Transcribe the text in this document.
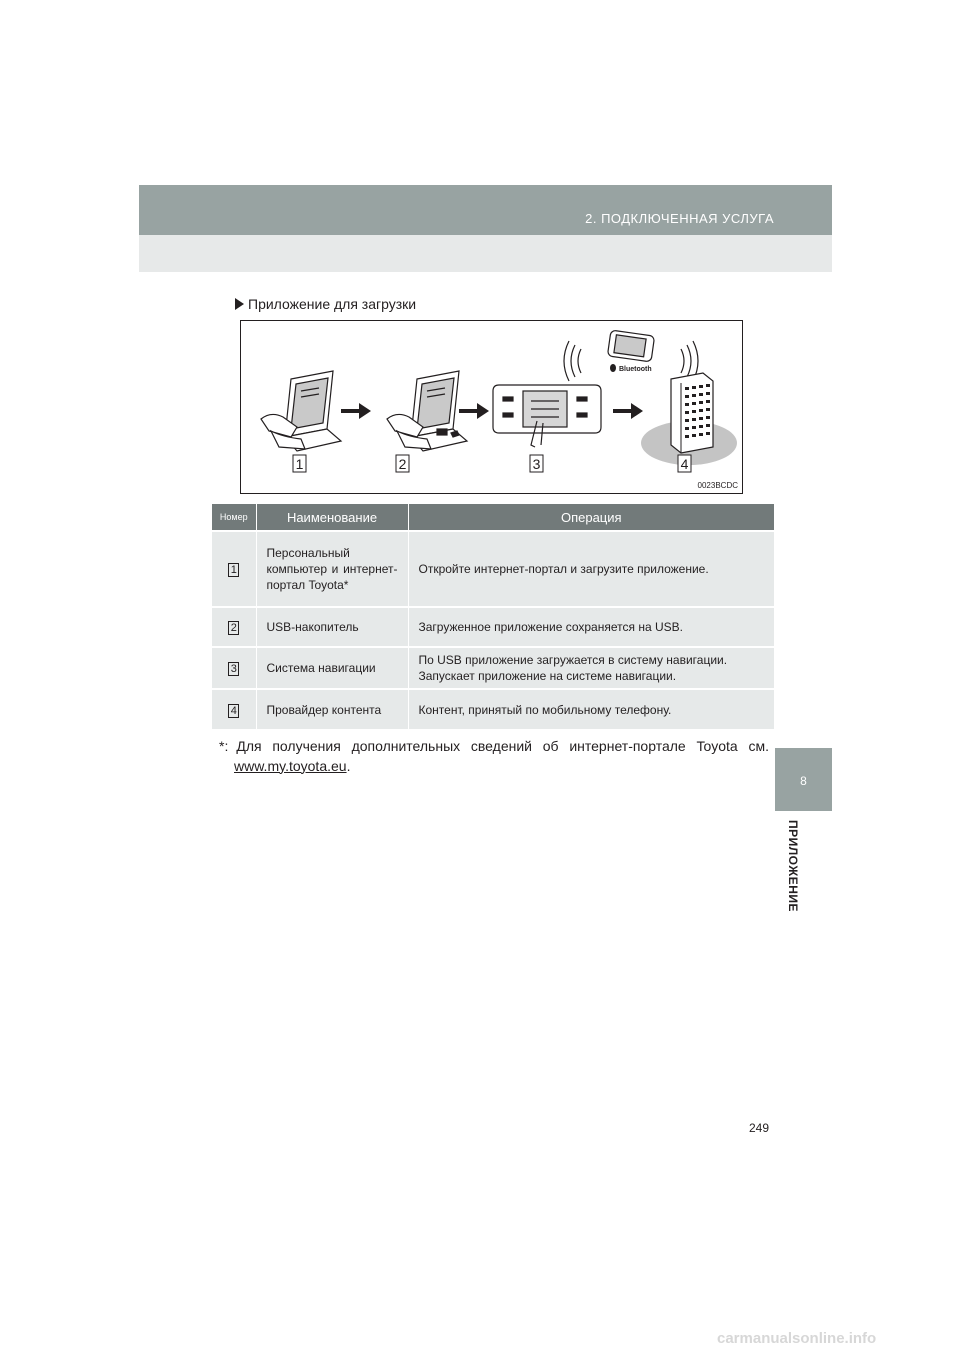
2. ПОДКЛЮЧЕННАЯ УСЛУГА
8
ПРИЛОЖЕНИЕ
Приложение для загрузки
Bluetooth
1	2	3	4
0023BCDC
Номер	Наименование	Операция
1	Персональный компьютер и интернет-портал Toyota*	Откройте интернет-портал и загрузите приложение.
2	USB-накопитель	Загруженное приложение сохраняется на USB.
3	Система навигации	По USB приложение загружается в систему навигации. Запускает приложение на системе навигации.
4	Провайдер контента	Контент, принятый по мобильному телефону.
*: Для получения дополнительных сведений об интернет-портале Toyota см.
www.my.toyota.eu.
249
carmanualsonline.info
